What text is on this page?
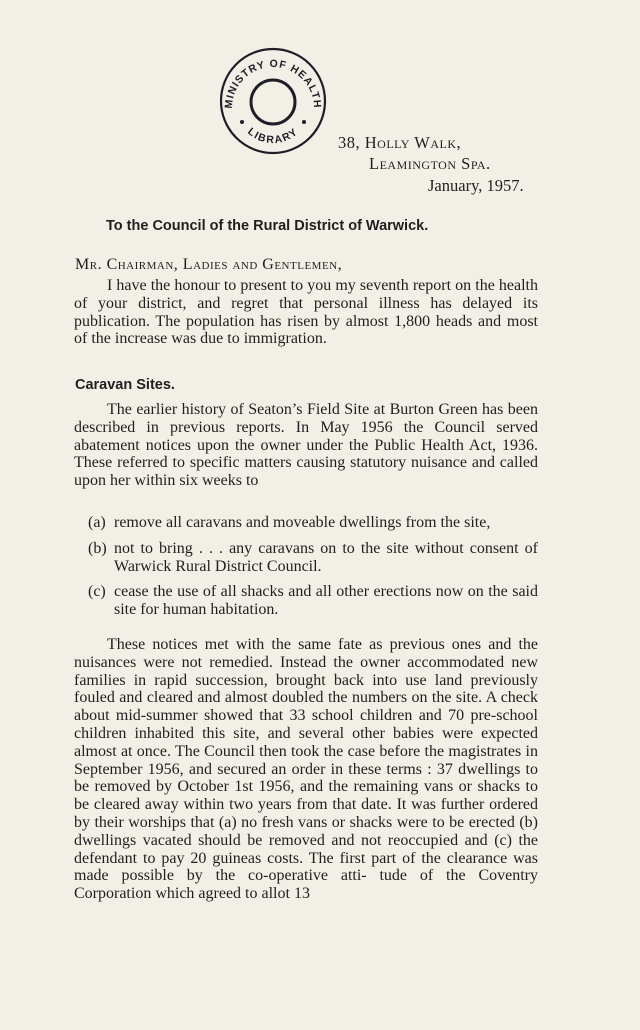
MINISTRY OF HEALTH
LIBRARY
38, Holly Walk,
Leamington Spa.
January, 1957.
To the Council of the Rural District of Warwick.
Mr. Chairman, Ladies and Gentlemen,
I have the honour to present to you my seventh report on the health of your district, and regret that personal illness has delayed its publication. The population has risen by almost 1,800 heads and most of the increase was due to immigration.
Caravan Sites.
The earlier history of Seaton’s Field Site at Burton Green has been described in previous reports. In May 1956 the Council served abatement notices upon the owner under the Public Health Act, 1936. These referred to specific matters causing statutory nuisance and called upon her within six weeks to
(a) remove all caravans and moveable dwellings from the site,
(b) not to bring . . . any caravans on to the site without consent of Warwick Rural District Council.
(c) cease the use of all shacks and all other erections now on the said site for human habitation.
These notices met with the same fate as previous ones and the nuisances were not remedied. Instead the owner accommodated new families in rapid succession, brought back into use land previously fouled and cleared and almost doubled the numbers on the site. A check about mid-summer showed that 33 school children and 70 pre-school children inhabited this site, and several other babies were expected almost at once. The Council then took the case before the magistrates in September 1956, and secured an order in these terms : 37 dwellings to be removed by October 1st 1956, and the remaining vans or shacks to be cleared away within two years from that date. It was further ordered by their worships that (a) no fresh vans or shacks were to be erected (b) dwellings vacated should be removed and not reoccupied and (c) the defendant to pay 20 guineas costs. The first part of the clearance was made possible by the co-operative atti- tude of the Coventry Corporation which agreed to allot 13
